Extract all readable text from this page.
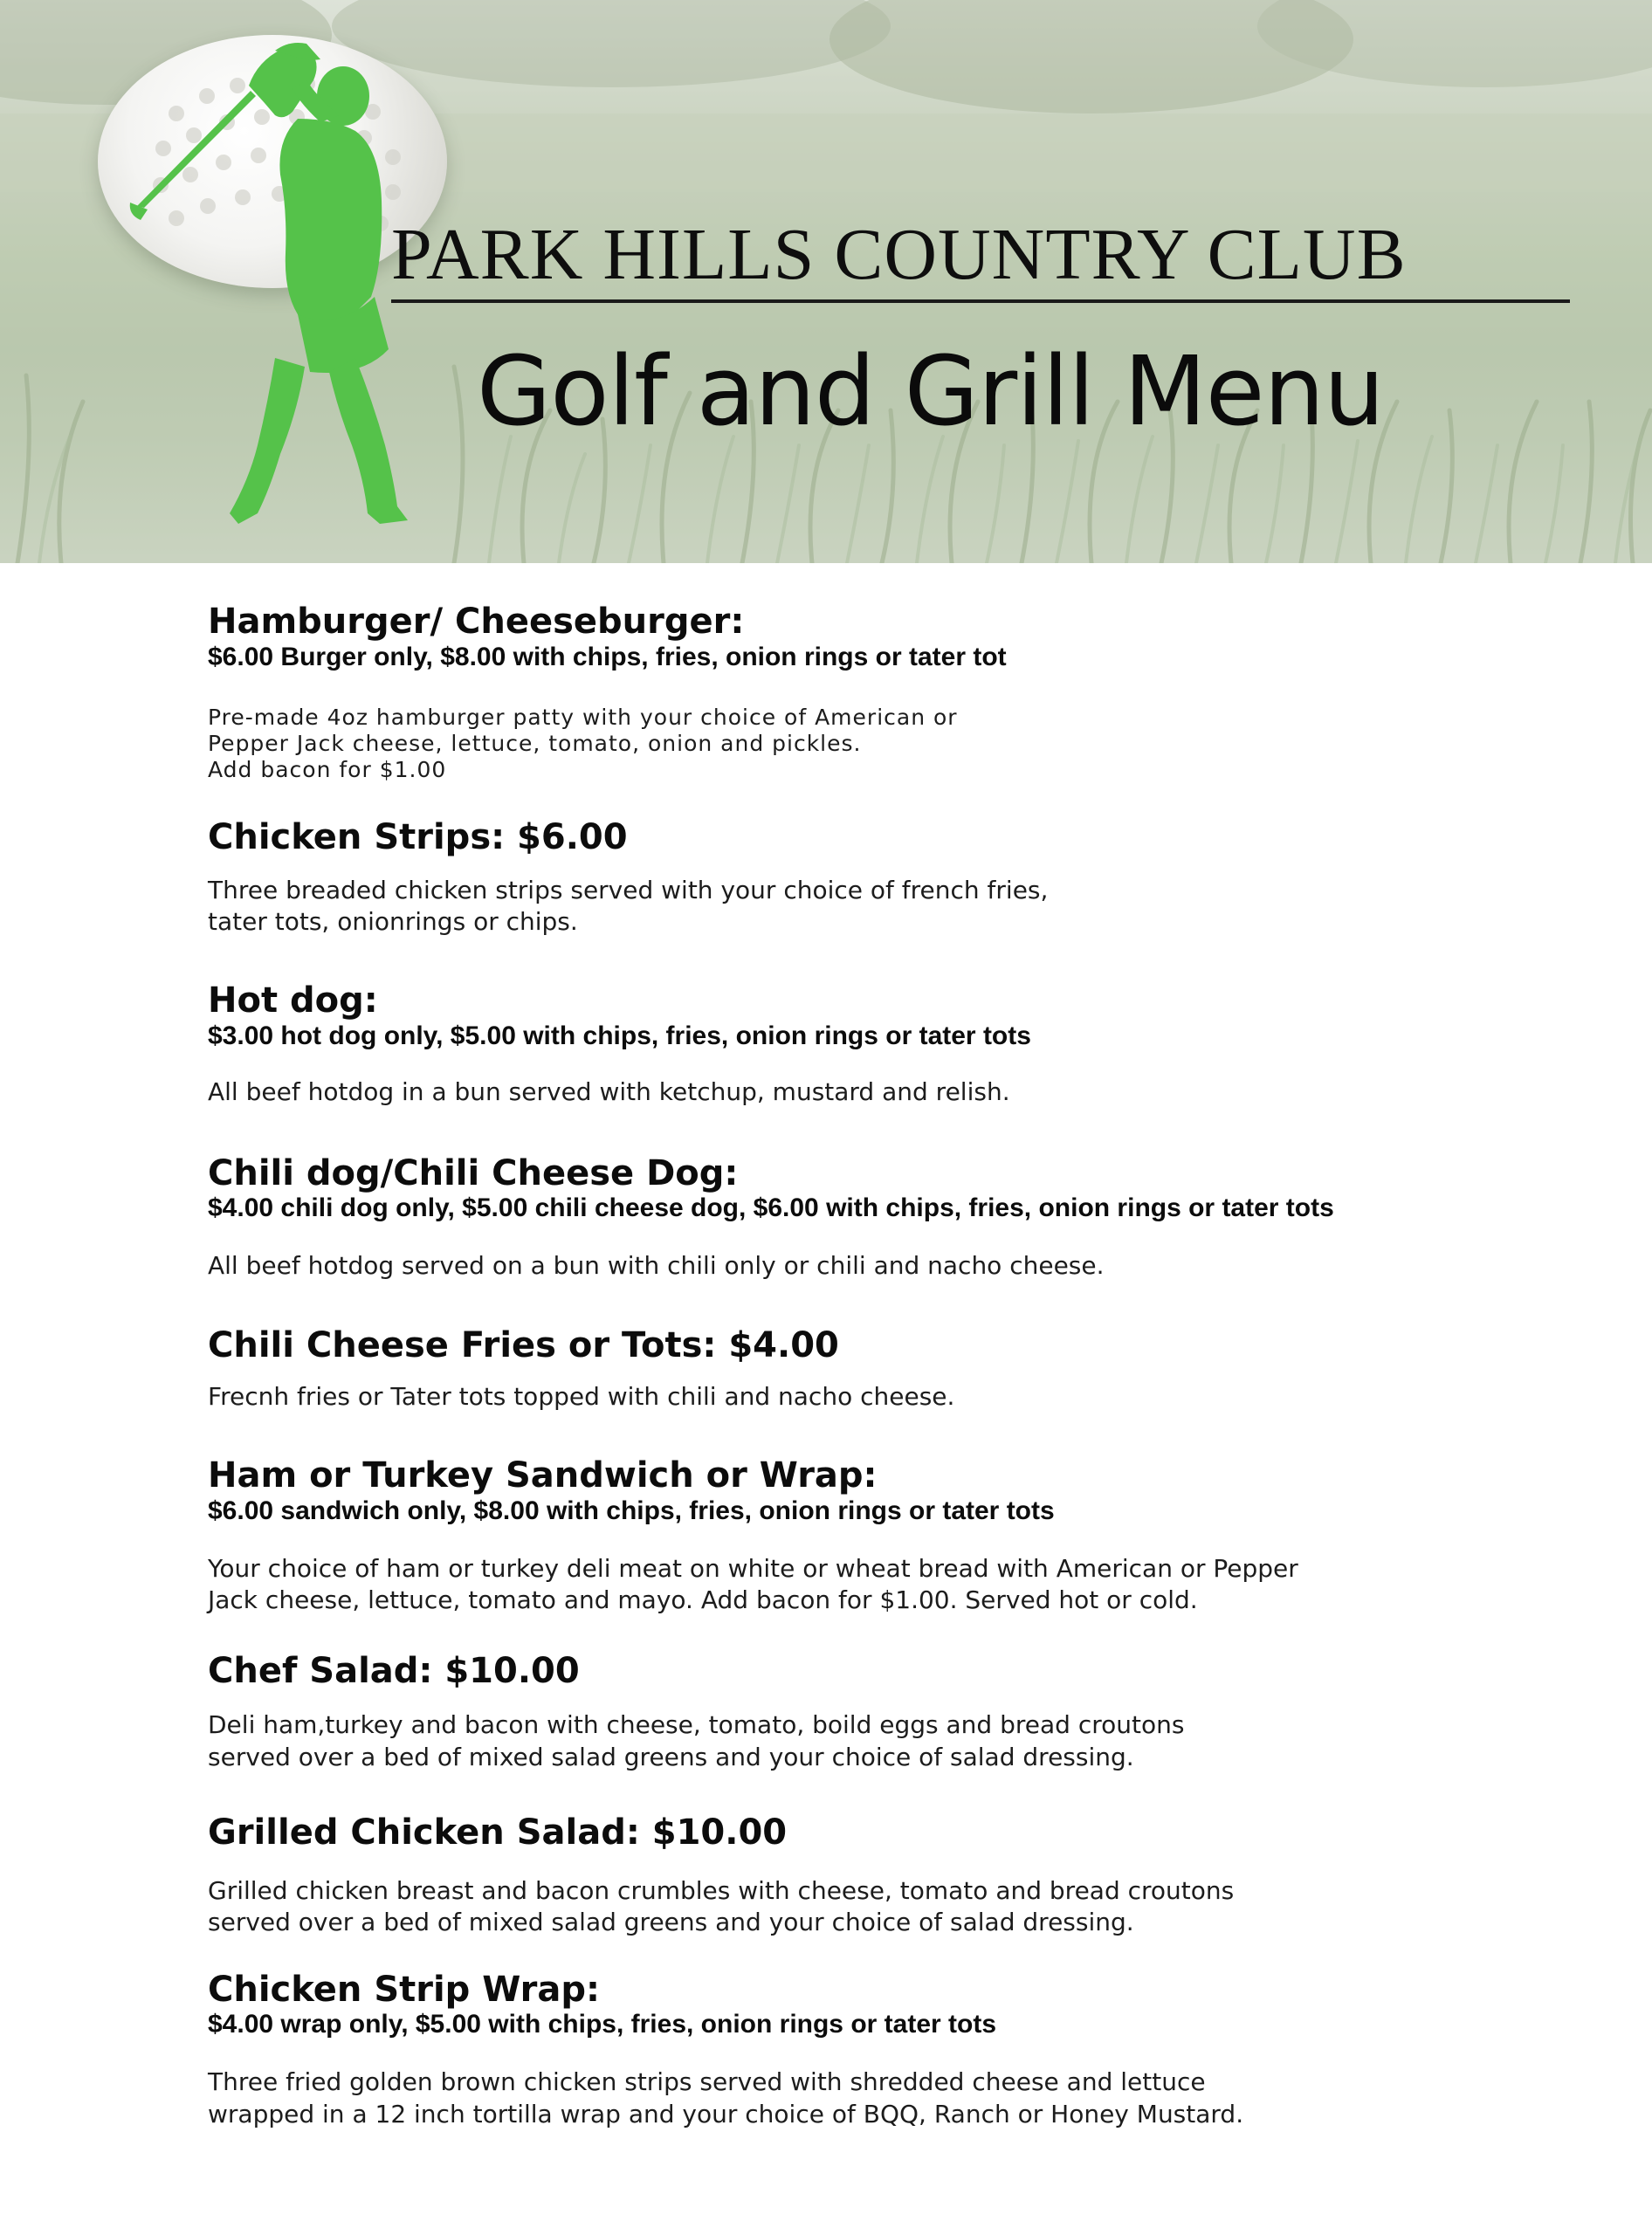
PARK HILLS COUNTRY CLUB
Golf and Grill Menu
Hamburger/ Cheeseburger:
$6.00 Burger only, $8.00 with chips, fries, onion rings or tater tot
Pre-made 4oz hamburger patty with your choice of American or
Pepper Jack cheese, lettuce, tomato, onion and pickles.
Add bacon for $1.00
Chicken Strips: $6.00
Three breaded chicken strips served with your choice of french fries,
tater tots, onionrings or chips.
Hot dog:
$3.00 hot dog only, $5.00 with chips, fries, onion rings or tater tots
All beef hotdog in a bun served with ketchup, mustard and relish.
Chili dog/Chili Cheese Dog:
$4.00 chili dog only, $5.00 chili cheese dog, $6.00 with chips, fries, onion rings or tater tots
All beef hotdog served on a bun with chili only or chili and nacho cheese.
Chili Cheese Fries or Tots: $4.00
Frecnh fries or Tater tots topped with chili and nacho cheese.
Ham or Turkey Sandwich or Wrap:
$6.00 sandwich only, $8.00 with chips, fries, onion rings or tater tots
Your choice of ham or turkey deli meat on white or wheat bread with American or Pepper
Jack cheese, lettuce, tomato and mayo. Add bacon for $1.00. Served hot or cold.
Chef Salad: $10.00
Deli ham,turkey and bacon with cheese, tomato, boild eggs and bread croutons
served over a bed of mixed salad greens and your choice of salad dressing.
Grilled Chicken Salad: $10.00
Grilled chicken breast and bacon crumbles with cheese, tomato and bread croutons
served over a bed of mixed salad greens and your choice of salad dressing.
Chicken Strip Wrap:
$4.00 wrap only, $5.00 with chips, fries, onion rings or tater tots
Three fried golden brown chicken strips served with shredded cheese and lettuce
wrapped in a 12 inch tortilla wrap and your choice of BQQ, Ranch or Honey Mustard.
